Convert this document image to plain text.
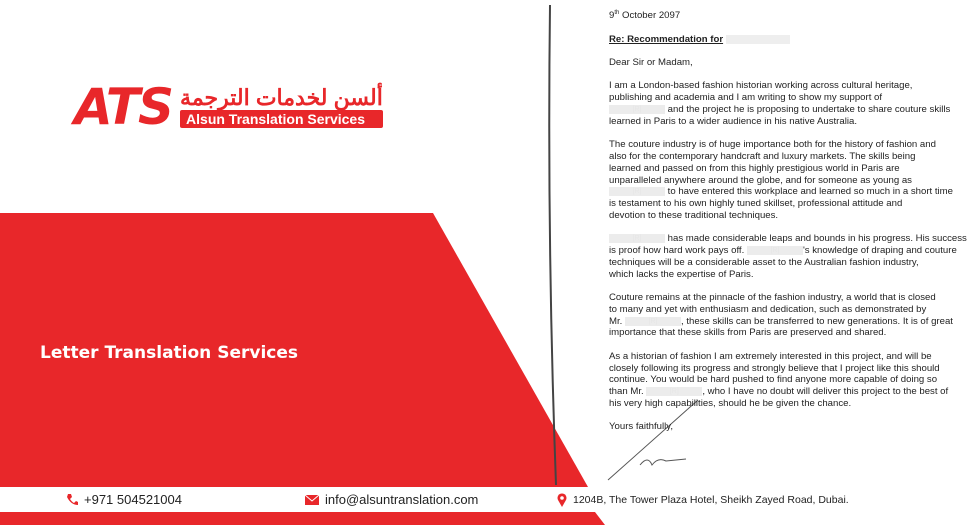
9th October 2097

Re: Recommendation for

Dear Sir or Madam,

I am a London-based fashion historian working across cultural heritage,
publishing and academia and I am writing to show my support of
[R] and the project he is proposing to undertake to share couture skills
learned in Paris to a wider audience in his native Australia.

The couture industry is of huge importance both for the history of fashion and
also for the contemporary handcraft and luxury markets. The skills being
learned and passed on from this highly prestigious world in Paris are
unparalleled anywhere around the globe, and for someone as young as
[R] to have entered this workplace and learned so much in a short time
is testament to his own highly tuned skillset, professional attitude and
devotion to these traditional techniques.

[R] has made considerable leaps and bounds in his progress. His success
is proof how hard work pays off.	[R] 's knowledge of draping and couture
techniques will be a considerable asset to the Australian fashion industry,
which lacks the expertise of Paris.

Couture remains at the pinnacle of the fashion industry, a world that is closed
to many and yet with enthusiasm and dedication, such as demonstrated by
Mr.	[R] , these skills can be transferred to new generations. It is of great
importance that these skills from Paris are preserved and shared.

As a historian of fashion I am extremely interested in this project, and will be
closely following its progress and strongly believe that I project like this should
continue. You would be hard pushed to find anyone more capable of doing so
than Mr.	[R] , who I have no doubt will deliver this project to the best of
his very high capabilities, should he be given the chance.

Yours faithfully,

ATS ألسن لخدمات الترجمة
Alsun Translation Services
Letter Translation Services
+971 504521004	info@alsuntranslation.com	1204B, The Tower Plaza Hotel, Sheikh Zayed Road, Dubai.
